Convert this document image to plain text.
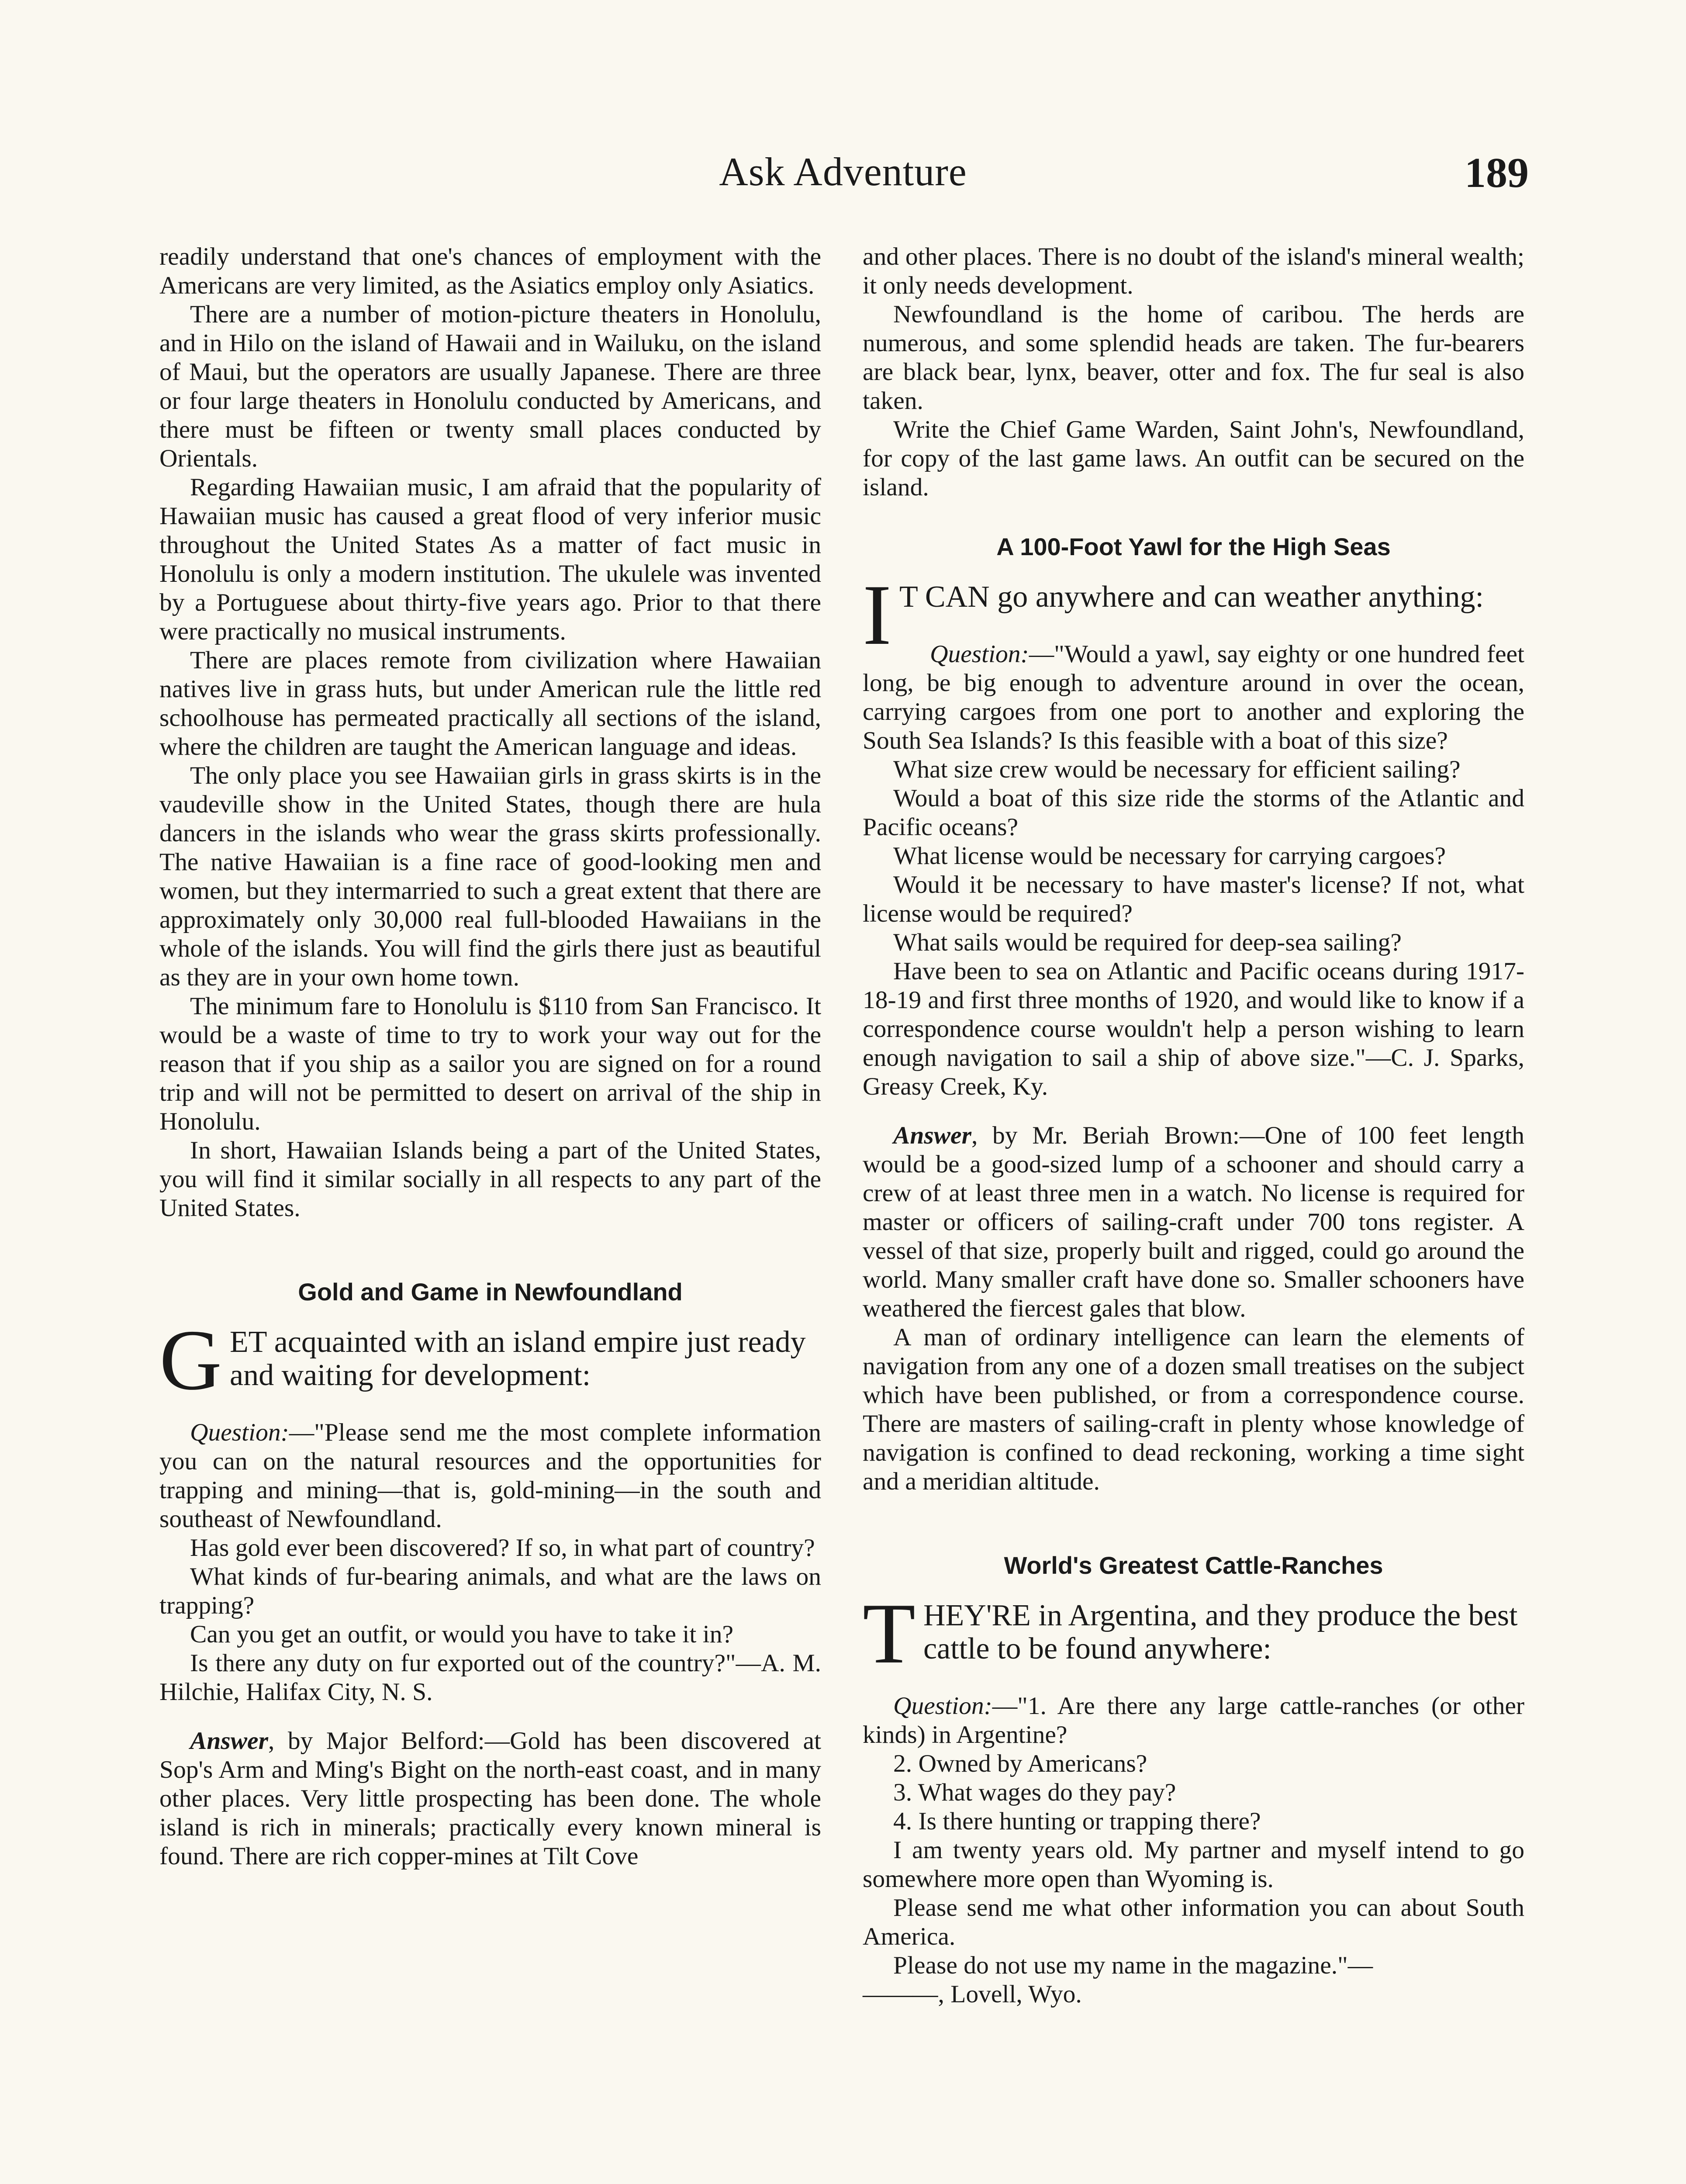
Ask Adventure	189

readily understand that one's chances of employment with the Americans are very limited, as the Asiatics employ only Asiatics.

There are a number of motion-picture theaters in Honolulu, and in Hilo on the island of Hawaii and in Wailuku, on the island of Maui, but the operators are usually Japanese. There are three or four large theaters in Honolulu conducted by Americans, and there must be fifteen or twenty small places conducted by Orientals.

Regarding Hawaiian music, I am afraid that the popularity of Hawaiian music has caused a great flood of very inferior music throughout the United States As a matter of fact music in Honolulu is only a modern institution. The ukulele was invented by a Portuguese about thirty-five years ago. Prior to that there were practically no musical instruments.

There are places remote from civilization where Hawaiian natives live in grass huts, but under American rule the little red schoolhouse has permeated practically all sections of the island, where the children are taught the American language and ideas.

The only place you see Hawaiian girls in grass skirts is in the vaudeville show in the United States, though there are hula dancers in the islands who wear the grass skirts professionally. The native Hawaiian is a fine race of good-looking men and women, but they intermarried to such a great extent that there are approximately only 30,000 real full-blooded Hawaiians in the whole of the islands. You will find the girls there just as beautiful as they are in your own home town.

The minimum fare to Honolulu is $110 from San Francisco. It would be a waste of time to try to work your way out for the reason that if you ship as a sailor you are signed on for a round trip and will not be permitted to desert on arrival of the ship in Honolulu.

In short, Hawaiian Islands being a part of the United States, you will find it similar socially in all respects to any part of the United States.

Gold and Game in Newfoundland

GET acquainted with an island empire just ready and waiting for development:

Question:—"Please send me the most complete information you can on the natural resources and the opportunities for trapping and mining—that is, gold-mining—in the south and southeast of Newfoundland.

Has gold ever been discovered? If so, in what part of country?

What kinds of fur-bearing animals, and what are the laws on trapping?

Can you get an outfit, or would you have to take it in?

Is there any duty on fur exported out of the country?"—A. M. Hilchie, Halifax City, N. S.

Answer, by Major Belford:—Gold has been discovered at Sop's Arm and Ming's Bight on the north-east coast, and in many other places. Very little prospecting has been done. The whole island is rich in minerals; practically every known mineral is found. There are rich copper-mines at Tilt Cove

and other places. There is no doubt of the island's mineral wealth; it only needs development.

Newfoundland is the home of caribou. The herds are numerous, and some splendid heads are taken. The fur-bearers are black bear, lynx, beaver, otter and fox. The fur seal is also taken.

Write the Chief Game Warden, Saint John's, Newfoundland, for copy of the last game laws. An outfit can be secured on the island.

A 100-Foot Yawl for the High Seas

I T CAN go anywhere and can weather anything:

Question:—"Would a yawl, say eighty or one hundred feet long, be big enough to adventure around in over the ocean, carrying cargoes from one port to another and exploring the South Sea Islands? Is this feasible with a boat of this size?

What size crew would be necessary for efficient sailing?

Would a boat of this size ride the storms of the Atlantic and Pacific oceans?

What license would be necessary for carrying cargoes?

Would it be necessary to have master's license? If not, what license would be required?

What sails would be required for deep-sea sailing?

Have been to sea on Atlantic and Pacific oceans during 1917-18-19 and first three months of 1920, and would like to know if a correspondence course wouldn't help a person wishing to learn enough navigation to sail a ship of above size."—C. J. Sparks, Greasy Creek, Ky.

Answer, by Mr. Beriah Brown:—One of 100 feet length would be a good-sized lump of a schooner and should carry a crew of at least three men in a watch. No license is required for master or officers of sailing-craft under 700 tons register. A vessel of that size, properly built and rigged, could go around the world. Many smaller craft have done so. Smaller schooners have weathered the fiercest gales that blow.

A man of ordinary intelligence can learn the elements of navigation from any one of a dozen small treatises on the subject which have been published, or from a correspondence course. There are masters of sailing-craft in plenty whose knowledge of navigation is confined to dead reckoning, working a time sight and a meridian altitude.

World's Greatest Cattle-Ranches

THEY'RE in Argentina, and they produce the best cattle to be found anywhere:

Question:—"1. Are there any large cattle-ranches (or other kinds) in Argentine?

2. Owned by Americans?

3. What wages do they pay?

4. Is there hunting or trapping there?

I am twenty years old. My partner and myself intend to go somewhere more open than Wyoming is.

Please send me what other information you can about South America.

Please do not use my name in the magazine."—

———, Lovell, Wyo.
